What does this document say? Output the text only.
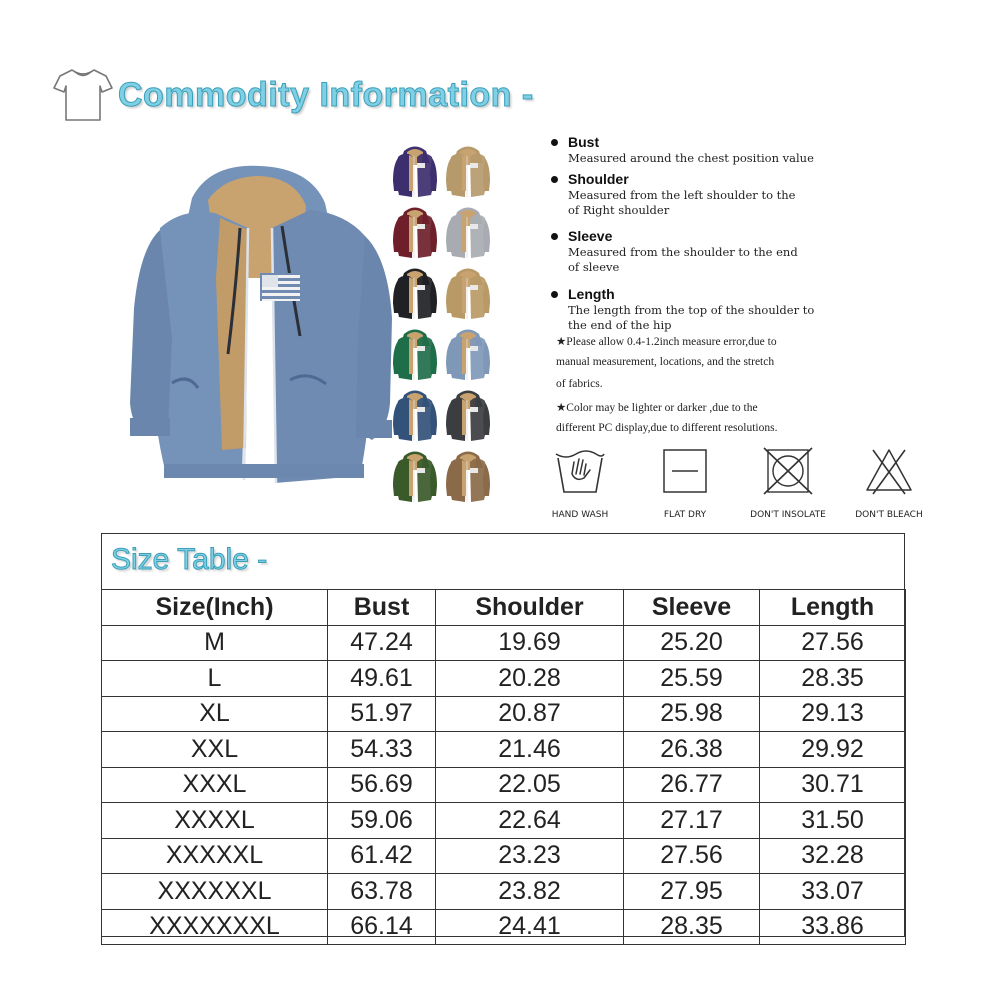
Commodity Information -
Bust
Measured around the chest position value
Shoulder
Measured from the left shoulder to the
of Right shoulder
Sleeve
Measured from the shoulder to the end
of sleeve
Length
The length from the top of the shoulder to
the end of the hip
★Please allow 0.4-1.2inch measure error,due to
manual measurement, locations, and the stretch
of fabrics.
★Color may be lighter or darker ,due to the
different PC display,due to different resolutions.
HAND WASH	FLAT DRY	DON'T INSOLATE	DON'T BLEACH
Size Table -
Size(Inch)	Bust	Shoulder	Sleeve	Length
M	47.24	19.69	25.20	27.56
L	49.61	20.28	25.59	28.35
XL	51.97	20.87	25.98	29.13
XXL	54.33	21.46	26.38	29.92
XXXL	56.69	22.05	26.77	30.71
XXXXL	59.06	22.64	27.17	31.50
XXXXXL	61.42	23.23	27.56	32.28
XXXXXXL	63.78	23.82	27.95	33.07
XXXXXXXL	66.14	24.41	28.35	33.86
